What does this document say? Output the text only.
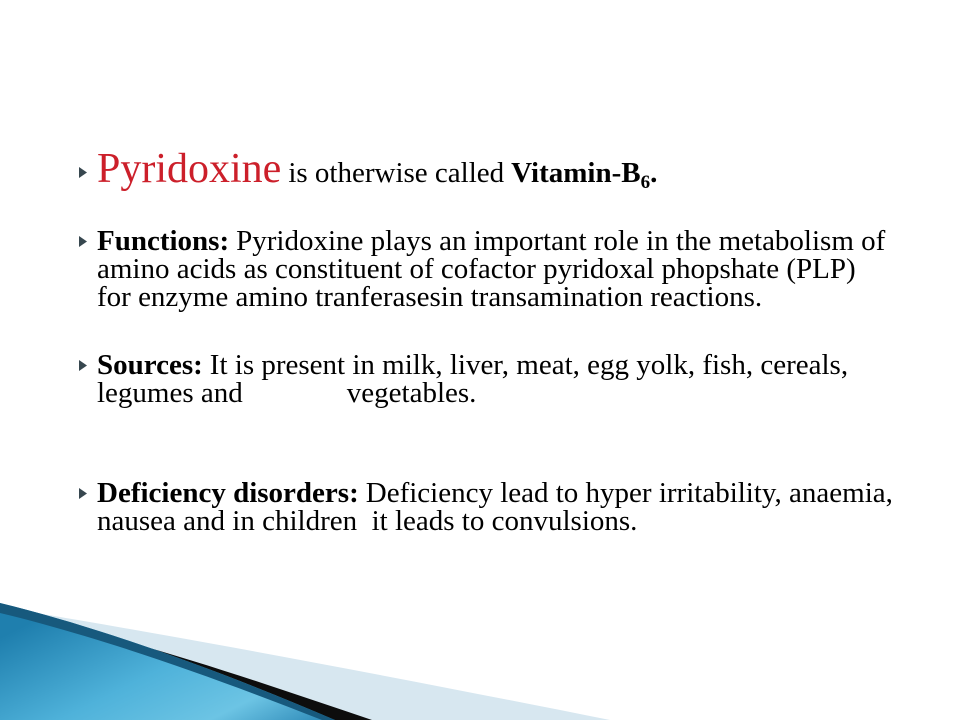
Pyridoxine is otherwise called Vitamin-B6.
Functions: Pyridoxine plays an important role in the metabolism of
amino acids as constituent of cofactor pyridoxal phopshate (PLP)
for enzyme amino tranferasesin transamination reactions.
Sources: It is present in milk, liver, meat, egg yolk, fish, cereals,
legumes and	vegetables.
Deficiency disorders: Deficiency lead to hyper irritability, anaemia,
nausea and in children  it leads to convulsions.
